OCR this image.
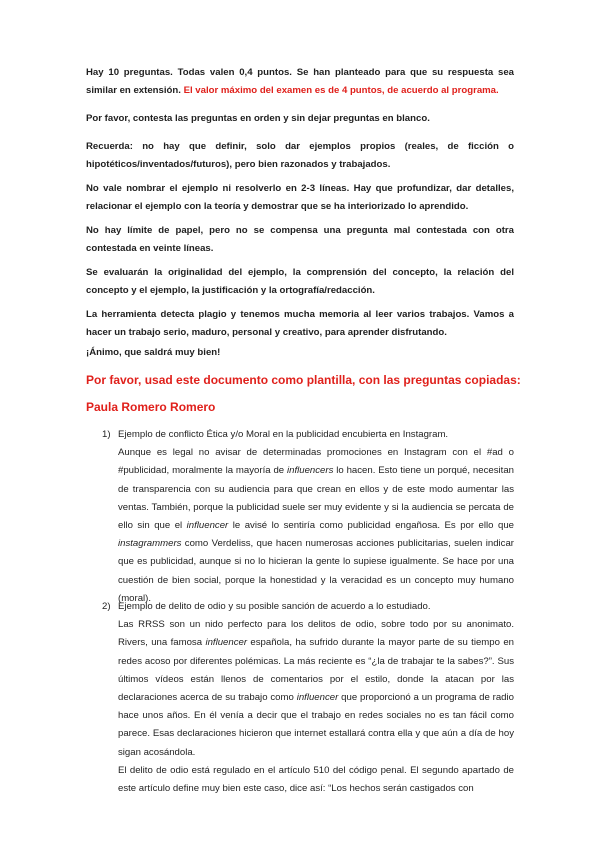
Hay 10 preguntas. Todas valen 0,4 puntos. Se han planteado para que su respuesta sea similar en extensión. El valor máximo del examen es de 4 puntos, de acuerdo al programa.

Por favor, contesta las preguntas en orden y sin dejar preguntas en blanco.

Recuerda: no hay que definir, solo dar ejemplos propios (reales, de ficción o hipotéticos/inventados/futuros), pero bien razonados y trabajados.

No vale nombrar el ejemplo ni resolverlo en 2-3 líneas. Hay que profundizar, dar detalles, relacionar el ejemplo con la teoría y demostrar que se ha interiorizado lo aprendido.

No hay límite de papel, pero no se compensa una pregunta mal contestada con otra contestada en veinte líneas.

Se evaluarán la originalidad del ejemplo, la comprensión del concepto, la relación del concepto y el ejemplo, la justificación y la ortografía/redacción.

La herramienta detecta plagio y tenemos mucha memoria al leer varios trabajos. Vamos a hacer un trabajo serio, maduro, personal y creativo, para aprender disfrutando.

¡Ánimo, que saldrá muy bien!

Por favor, usad este documento como plantilla, con las preguntas copiadas:

Paula Romero Romero

1) Ejemplo de conflicto Ética y/o Moral en la publicidad encubierta en Instagram.
Aunque es legal no avisar de determinadas promociones en Instagram con el #ad o #publicidad, moralmente la mayoría de influencers lo hacen. Esto tiene un porqué, necesitan de transparencia con su audiencia para que crean en ellos y de este modo aumentar las ventas. También, porque la publicidad suele ser muy evidente y si la audiencia se percata de ello sin que el influencer le avisé lo sentiría como publicidad engañosa. Es por ello que instagrammers como Verdeliss, que hacen numerosas acciones publicitarias, suelen indicar que es publicidad, aunque si no lo hicieran la gente lo supiese igualmente. Se hace por una cuestión de bien social, porque la honestidad y la veracidad es un concepto muy humano (moral).
2) Ejemplo de delito de odio y su posible sanción de acuerdo a lo estudiado.
Las RRSS son un nido perfecto para los delitos de odio, sobre todo por su anonimato. Rivers, una famosa influencer española, ha sufrido durante la mayor parte de su tiempo en redes acoso por diferentes polémicas. La más reciente es “¿la de trabajar te la sabes?”. Sus últimos vídeos están llenos de comentarios por el estilo, donde la atacan por las declaraciones acerca de su trabajo como influencer que proporcionó a un programa de radio hace unos años. En él venía a decir que el trabajo en redes sociales no es tan fácil como parece. Esas declaraciones hicieron que internet estallará contra ella y que aún a día de hoy sigan acosándola.
El delito de odio está regulado en el artículo 510 del código penal. El segundo apartado de este artículo define muy bien este caso, dice así: “Los hechos serán castigados con
